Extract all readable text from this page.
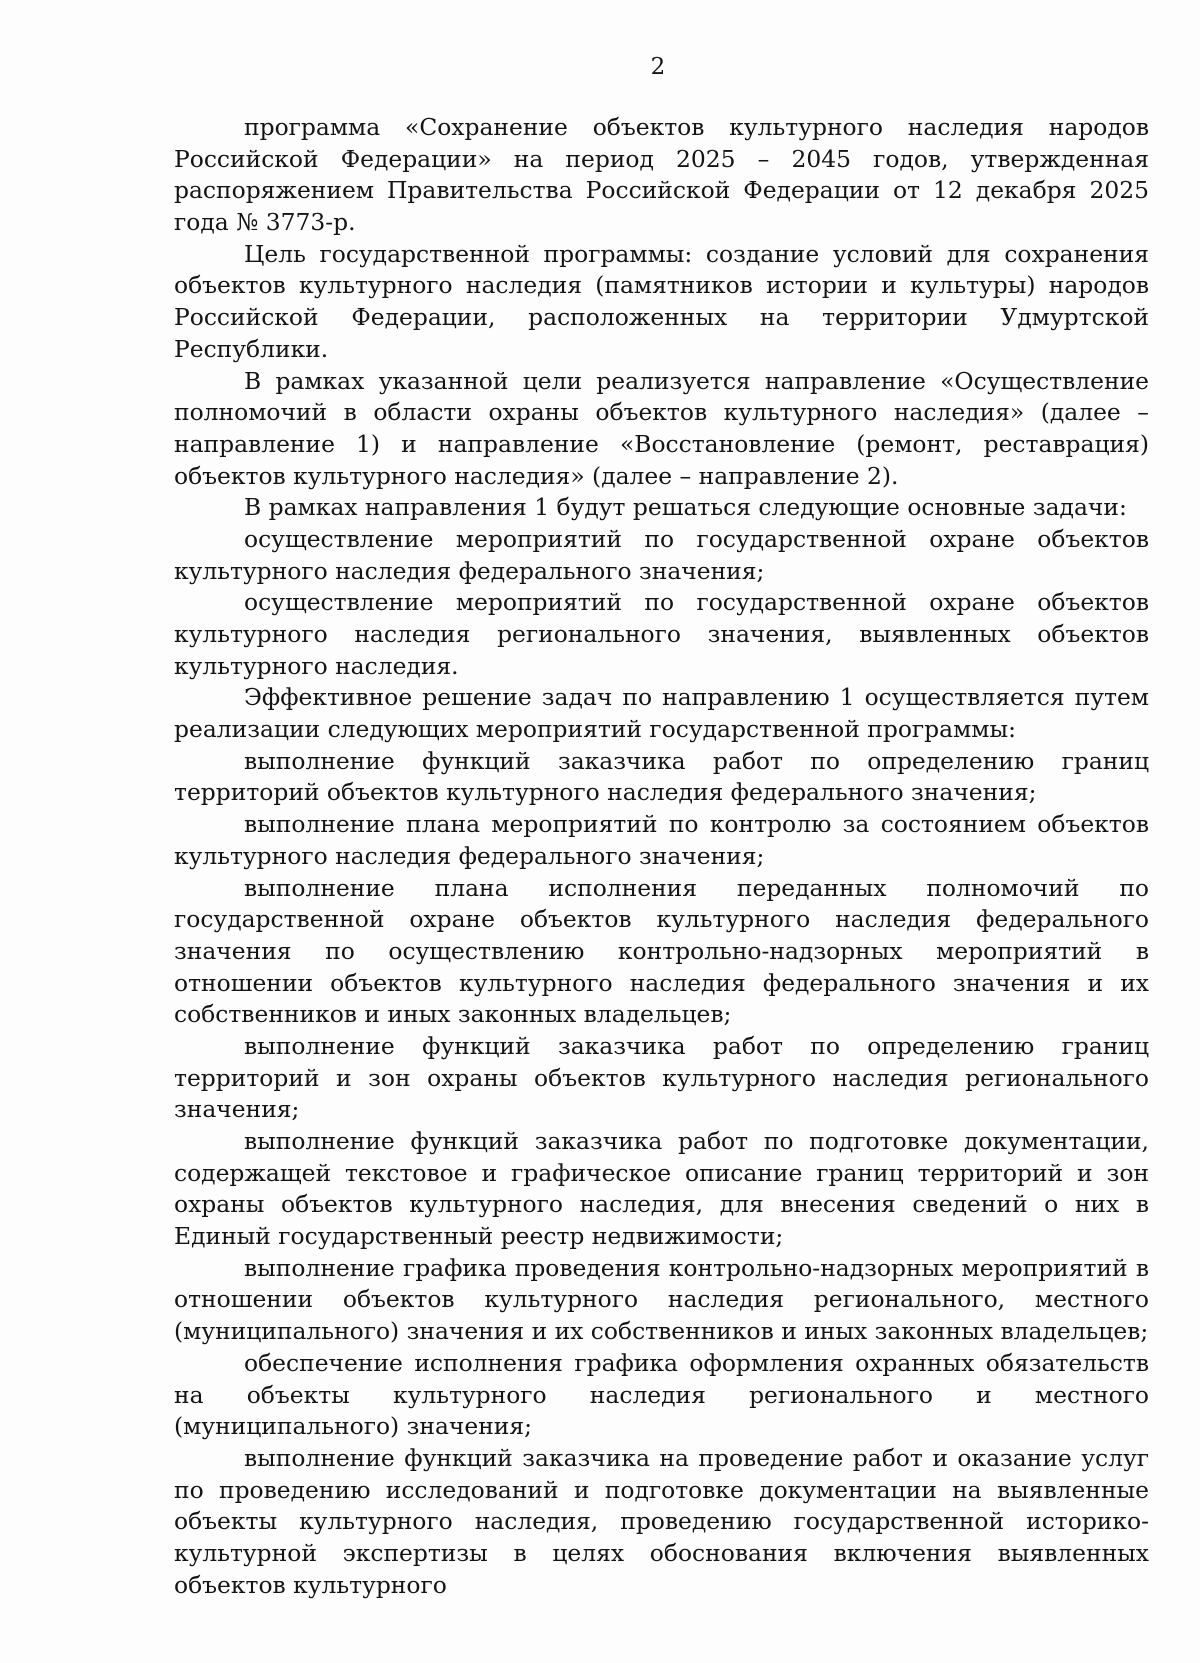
2

программа «Сохранение объектов культурного наследия народов Российской Федерации» на период 2025 – 2045 годов, утвержденная распоряжением Правительства Российской Федерации от 12 декабря 2025 года № 3773-р.

Цель государственной программы: создание условий для сохранения объектов культурного наследия (памятников истории и культуры) народов Российской Федерации, расположенных на территории Удмуртской Республики.

В рамках указанной цели реализуется направление «Осуществление полномочий в области охраны объектов культурного наследия» (далее – направление 1) и направление «Восстановление (ремонт, реставрация) объектов культурного наследия» (далее – направление 2).

В рамках направления 1 будут решаться следующие основные задачи:

осуществление мероприятий по государственной охране объектов культурного наследия федерального значения;

осуществление мероприятий по государственной охране объектов культурного наследия регионального значения, выявленных объектов культурного наследия.

Эффективное решение задач по направлению 1 осуществляется путем реализации следующих мероприятий государственной программы:

выполнение функций заказчика работ по определению границ территорий объектов культурного наследия федерального значения;

выполнение плана мероприятий по контролю за состоянием объектов культурного наследия федерального значения;

выполнение плана исполнения переданных полномочий по государственной охране объектов культурного наследия федерального значения по осуществлению контрольно-надзорных мероприятий в отношении объектов культурного наследия федерального значения и их собственников и иных законных владельцев;

выполнение функций заказчика работ по определению границ территорий и зон охраны объектов культурного наследия регионального значения;

выполнение функций заказчика работ по подготовке документации, содержащей текстовое и графическое описание границ территорий и зон охраны объектов культурного наследия, для внесения сведений о них в Единый государственный реестр недвижимости;

выполнение графика проведения контрольно-надзорных мероприятий в отношении объектов культурного наследия регионального, местного (муниципального) значения и их собственников и иных законных владельцев;

обеспечение исполнения графика оформления охранных обязательств на объекты культурного наследия регионального и местного (муниципального) значения;

выполнение функций заказчика на проведение работ и оказание услуг по проведению исследований и подготовке документации на выявленные объекты культурного наследия, проведению государственной историко-культурной экспертизы в целях обоснования включения выявленных объектов культурного
